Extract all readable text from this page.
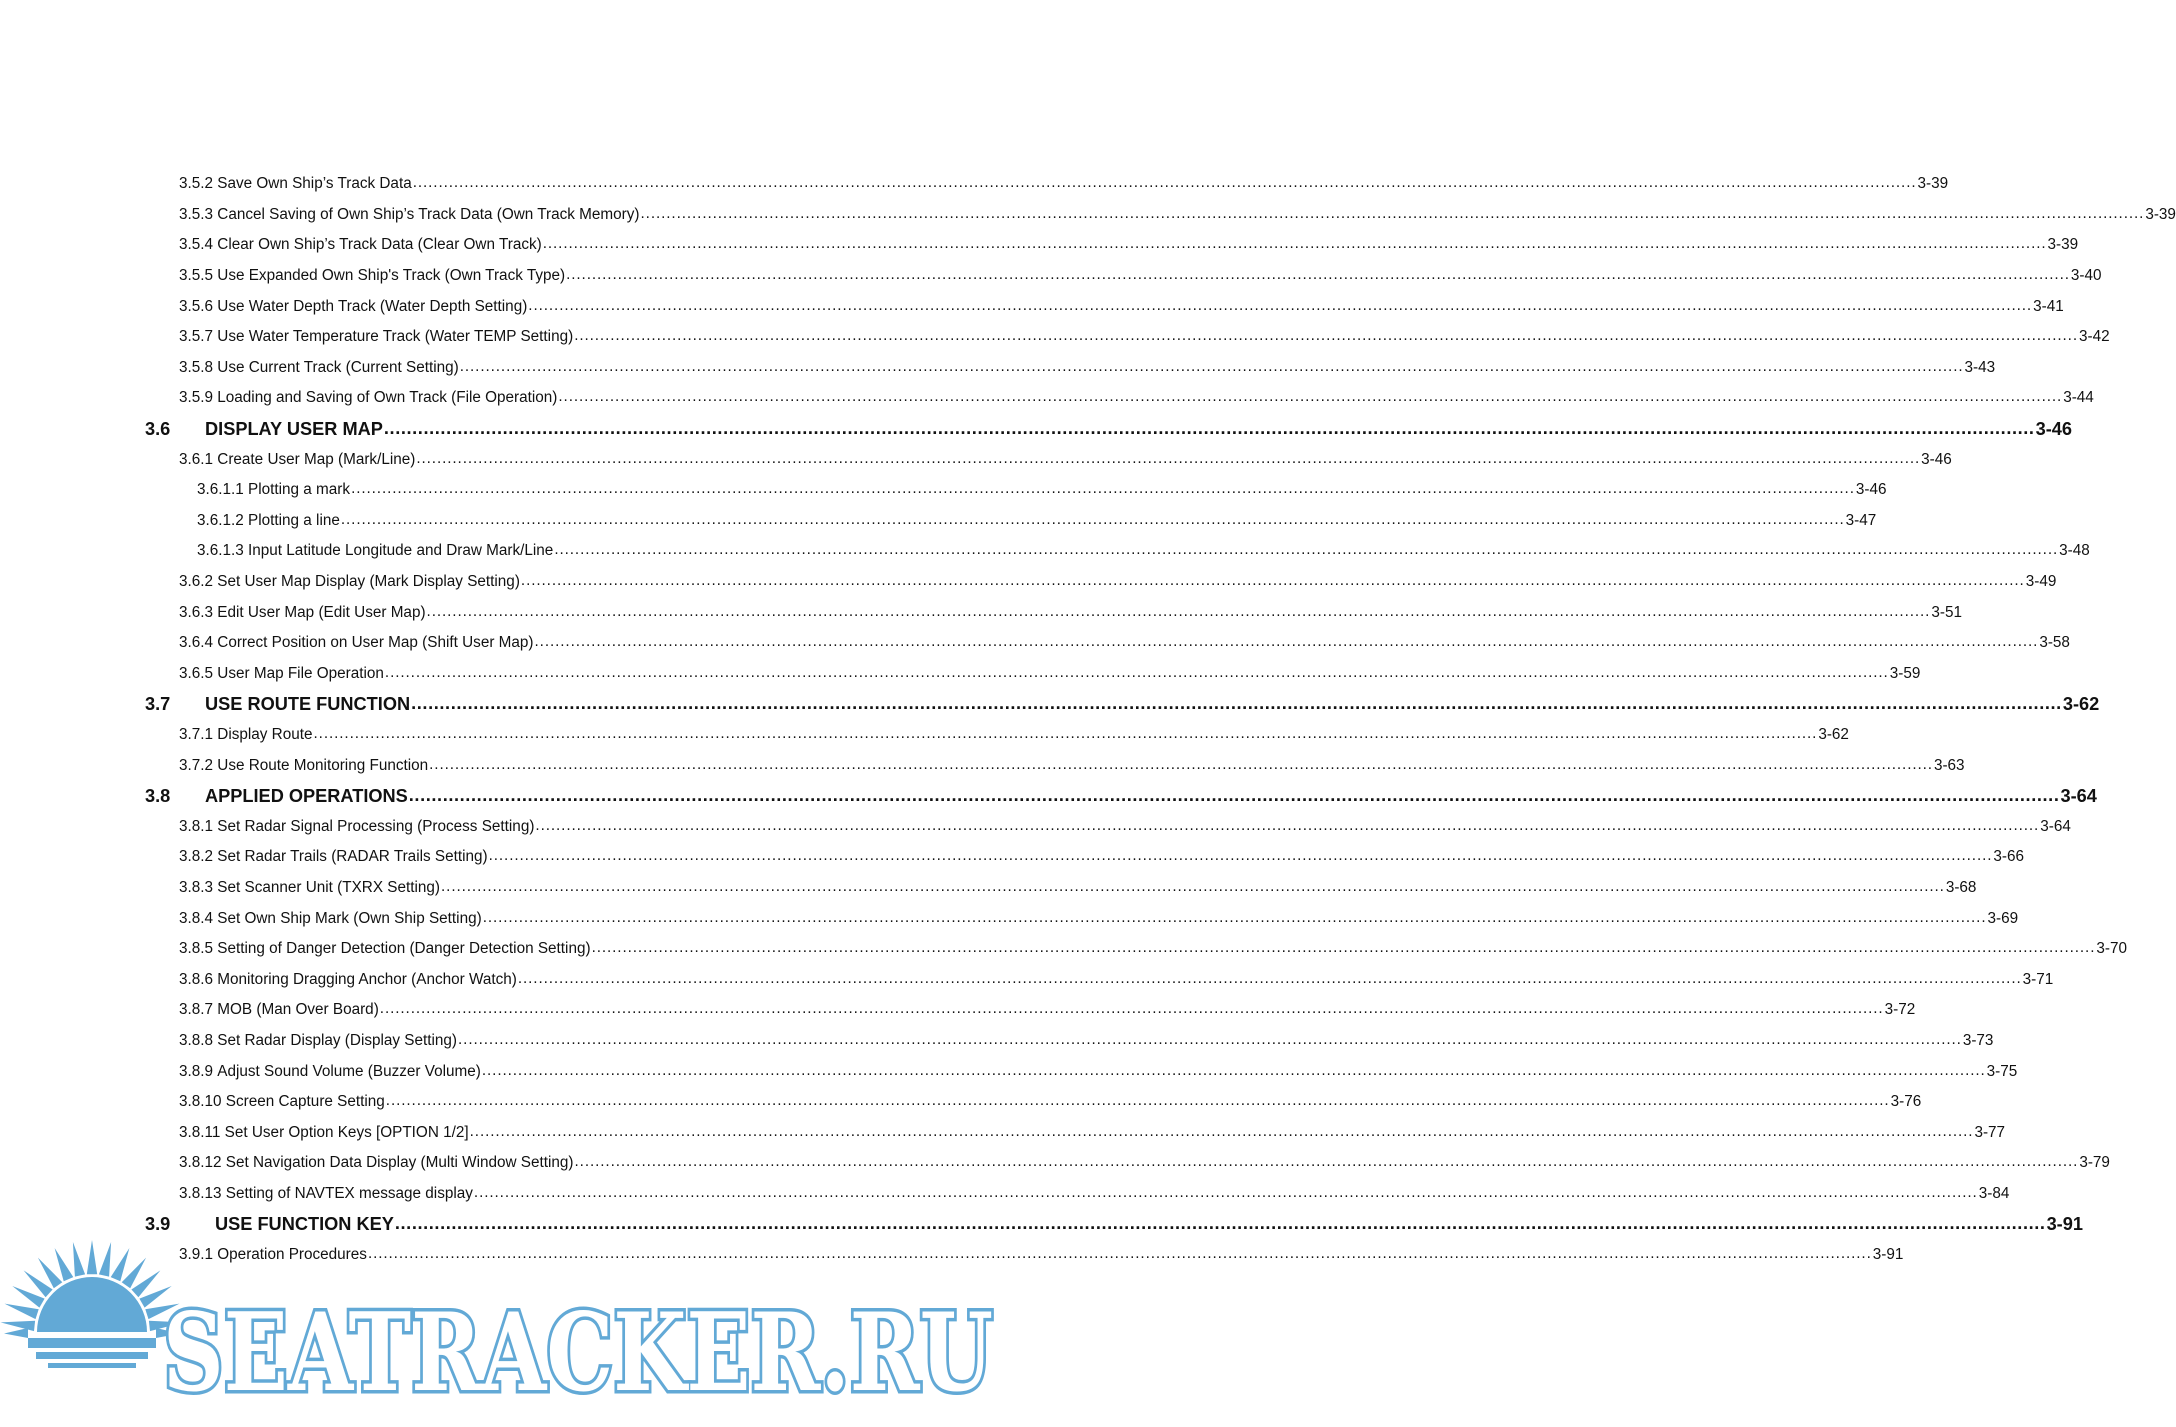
3.5.2 Save Own Ship’s Track Data .....	3-39
3.5.3 Cancel Saving of Own Ship’s Track Data (Own Track Memory) .....	3-39
3.5.4 Clear Own Ship’s Track Data (Clear Own Track) .....	3-39
3.5.5 Use Expanded Own Ship's Track (Own Track Type) .....	3-40
3.5.6 Use Water Depth Track (Water Depth Setting) .....	3-41
3.5.7 Use Water Temperature Track (Water TEMP Setting) .....	3-42
3.5.8 Use Current Track (Current Setting) .....	3-43
3.5.9 Loading and Saving of Own Track (File Operation) .....	3-44
3.6	DISPLAY USER MAP .....	3-46
3.6.1 Create User Map (Mark/Line) .....	3-46
3.6.1.1 Plotting a mark .....	3-46
3.6.1.2 Plotting a line .....	3-47
3.6.1.3 Input Latitude Longitude and Draw Mark/Line .....	3-48
3.6.2 Set User Map Display (Mark Display Setting) .....	3-49
3.6.3 Edit User Map (Edit User Map) .....	3-51
3.6.4 Correct Position on User Map (Shift User Map) .....	3-58
3.6.5 User Map File Operation .....	3-59
3.7	USE ROUTE FUNCTION .....	3-62
3.7.1 Display Route .....	3-62
3.7.2 Use Route Monitoring Function .....	3-63
3.8	APPLIED OPERATIONS .....	3-64
3.8.1 Set Radar Signal Processing (Process Setting) .....	3-64
3.8.2 Set Radar Trails (RADAR Trails Setting) .....	3-66
3.8.3 Set Scanner Unit (TXRX Setting) .....	3-68
3.8.4 Set Own Ship Mark (Own Ship Setting) .....	3-69
3.8.5 Setting of Danger Detection (Danger Detection Setting) .....	3-70
3.8.6 Monitoring Dragging Anchor (Anchor Watch) .....	3-71
3.8.7 MOB (Man Over Board) .....	3-72
3.8.8 Set Radar Display (Display Setting) .....	3-73
3.8.9 Adjust Sound Volume (Buzzer Volume) .....	3-75
3.8.10 Screen Capture Setting .....	3-76
3.8.11 Set User Option Keys [OPTION 1/2] .....	3-77
3.8.12 Set Navigation Data Display (Multi Window Setting) .....	3-79
3.8.13 Setting of NAVTEX message display .....	3-84
3.9	USE FUNCTION KEY .....	3-91
3.9.1 Operation Procedures .....	3-91
SEATRACKER.RU
